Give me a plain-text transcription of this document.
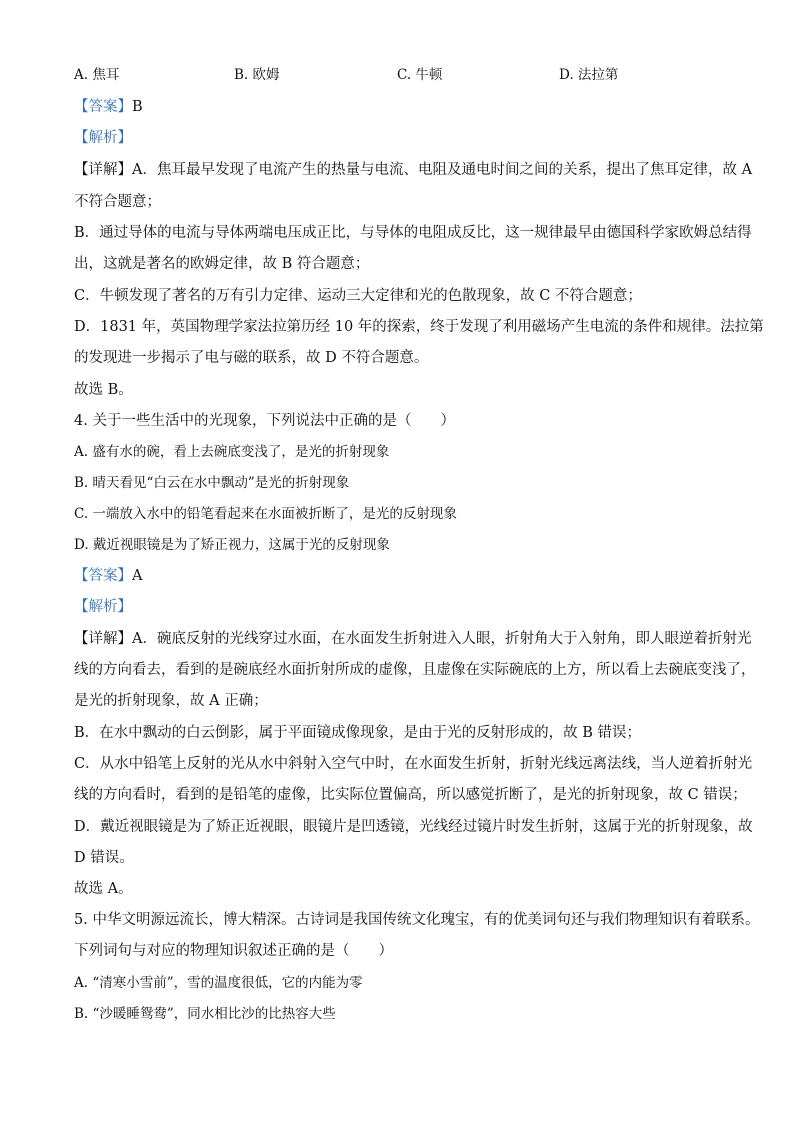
A. 焦耳	B. 欧姆	C. 牛顿	D. 法拉第
【答案】B
【解析】
【详解】A．焦耳最早发现了电流产生的热量与电流、电阻及通电时间之间的关系，提出了焦耳定律，故 A
不符合题意；
B．通过导体的电流与导体两端电压成正比，与导体的电阻成反比，这一规律最早由德国科学家欧姆总结得
出，这就是著名的欧姆定律，故 B 符合题意；
C．牛顿发现了著名的万有引力定律、运动三大定律和光的色散现象，故 C 不符合题意；
D．1831 年，英国物理学家法拉第历经 10 年的探索，终于发现了利用磁场产生电流的条件和规律。法拉第
的发现进一步揭示了电与磁的联系，故 D 不符合题意。
故选 B。
4. 关于一些生活中的光现象，下列说法中正确的是（　　）
A. 盛有水的碗，看上去碗底变浅了，是光的折射现象
B. 晴天看见“白云在水中飘动”是光的折射现象
C. 一端放入水中的铅笔看起来在水面被折断了，是光的反射现象
D. 戴近视眼镜是为了矫正视力，这属于光的反射现象
【答案】A
【解析】
【详解】A．碗底反射的光线穿过水面，在水面发生折射进入人眼，折射角大于入射角，即人眼逆着折射光
线的方向看去，看到的是碗底经水面折射所成的虚像，且虚像在实际碗底的上方，所以看上去碗底变浅了，
是光的折射现象，故 A 正确；
B．在水中飘动的白云倒影，属于平面镜成像现象，是由于光的反射形成的，故 B 错误；
C．从水中铅笔上反射的光从水中斜射入空气中时，在水面发生折射，折射光线远离法线，当人逆着折射光
线的方向看时，看到的是铅笔的虚像，比实际位置偏高，所以感觉折断了，是光的折射现象，故 C 错误；
D．戴近视眼镜是为了矫正近视眼，眼镜片是凹透镜，光线经过镜片时发生折射，这属于光的折射现象，故
D 错误。
故选 A。
5. 中华文明源远流长，博大精深。古诗词是我国传统文化瑰宝，有的优美词句还与我们物理知识有着联系。
下列词句与对应的物理知识叙述正确的是（　　）
A. “清寒小雪前”，雪的温度很低，它的内能为零
B. “沙暖睡鸳鸯”，同水相比沙的比热容大些
